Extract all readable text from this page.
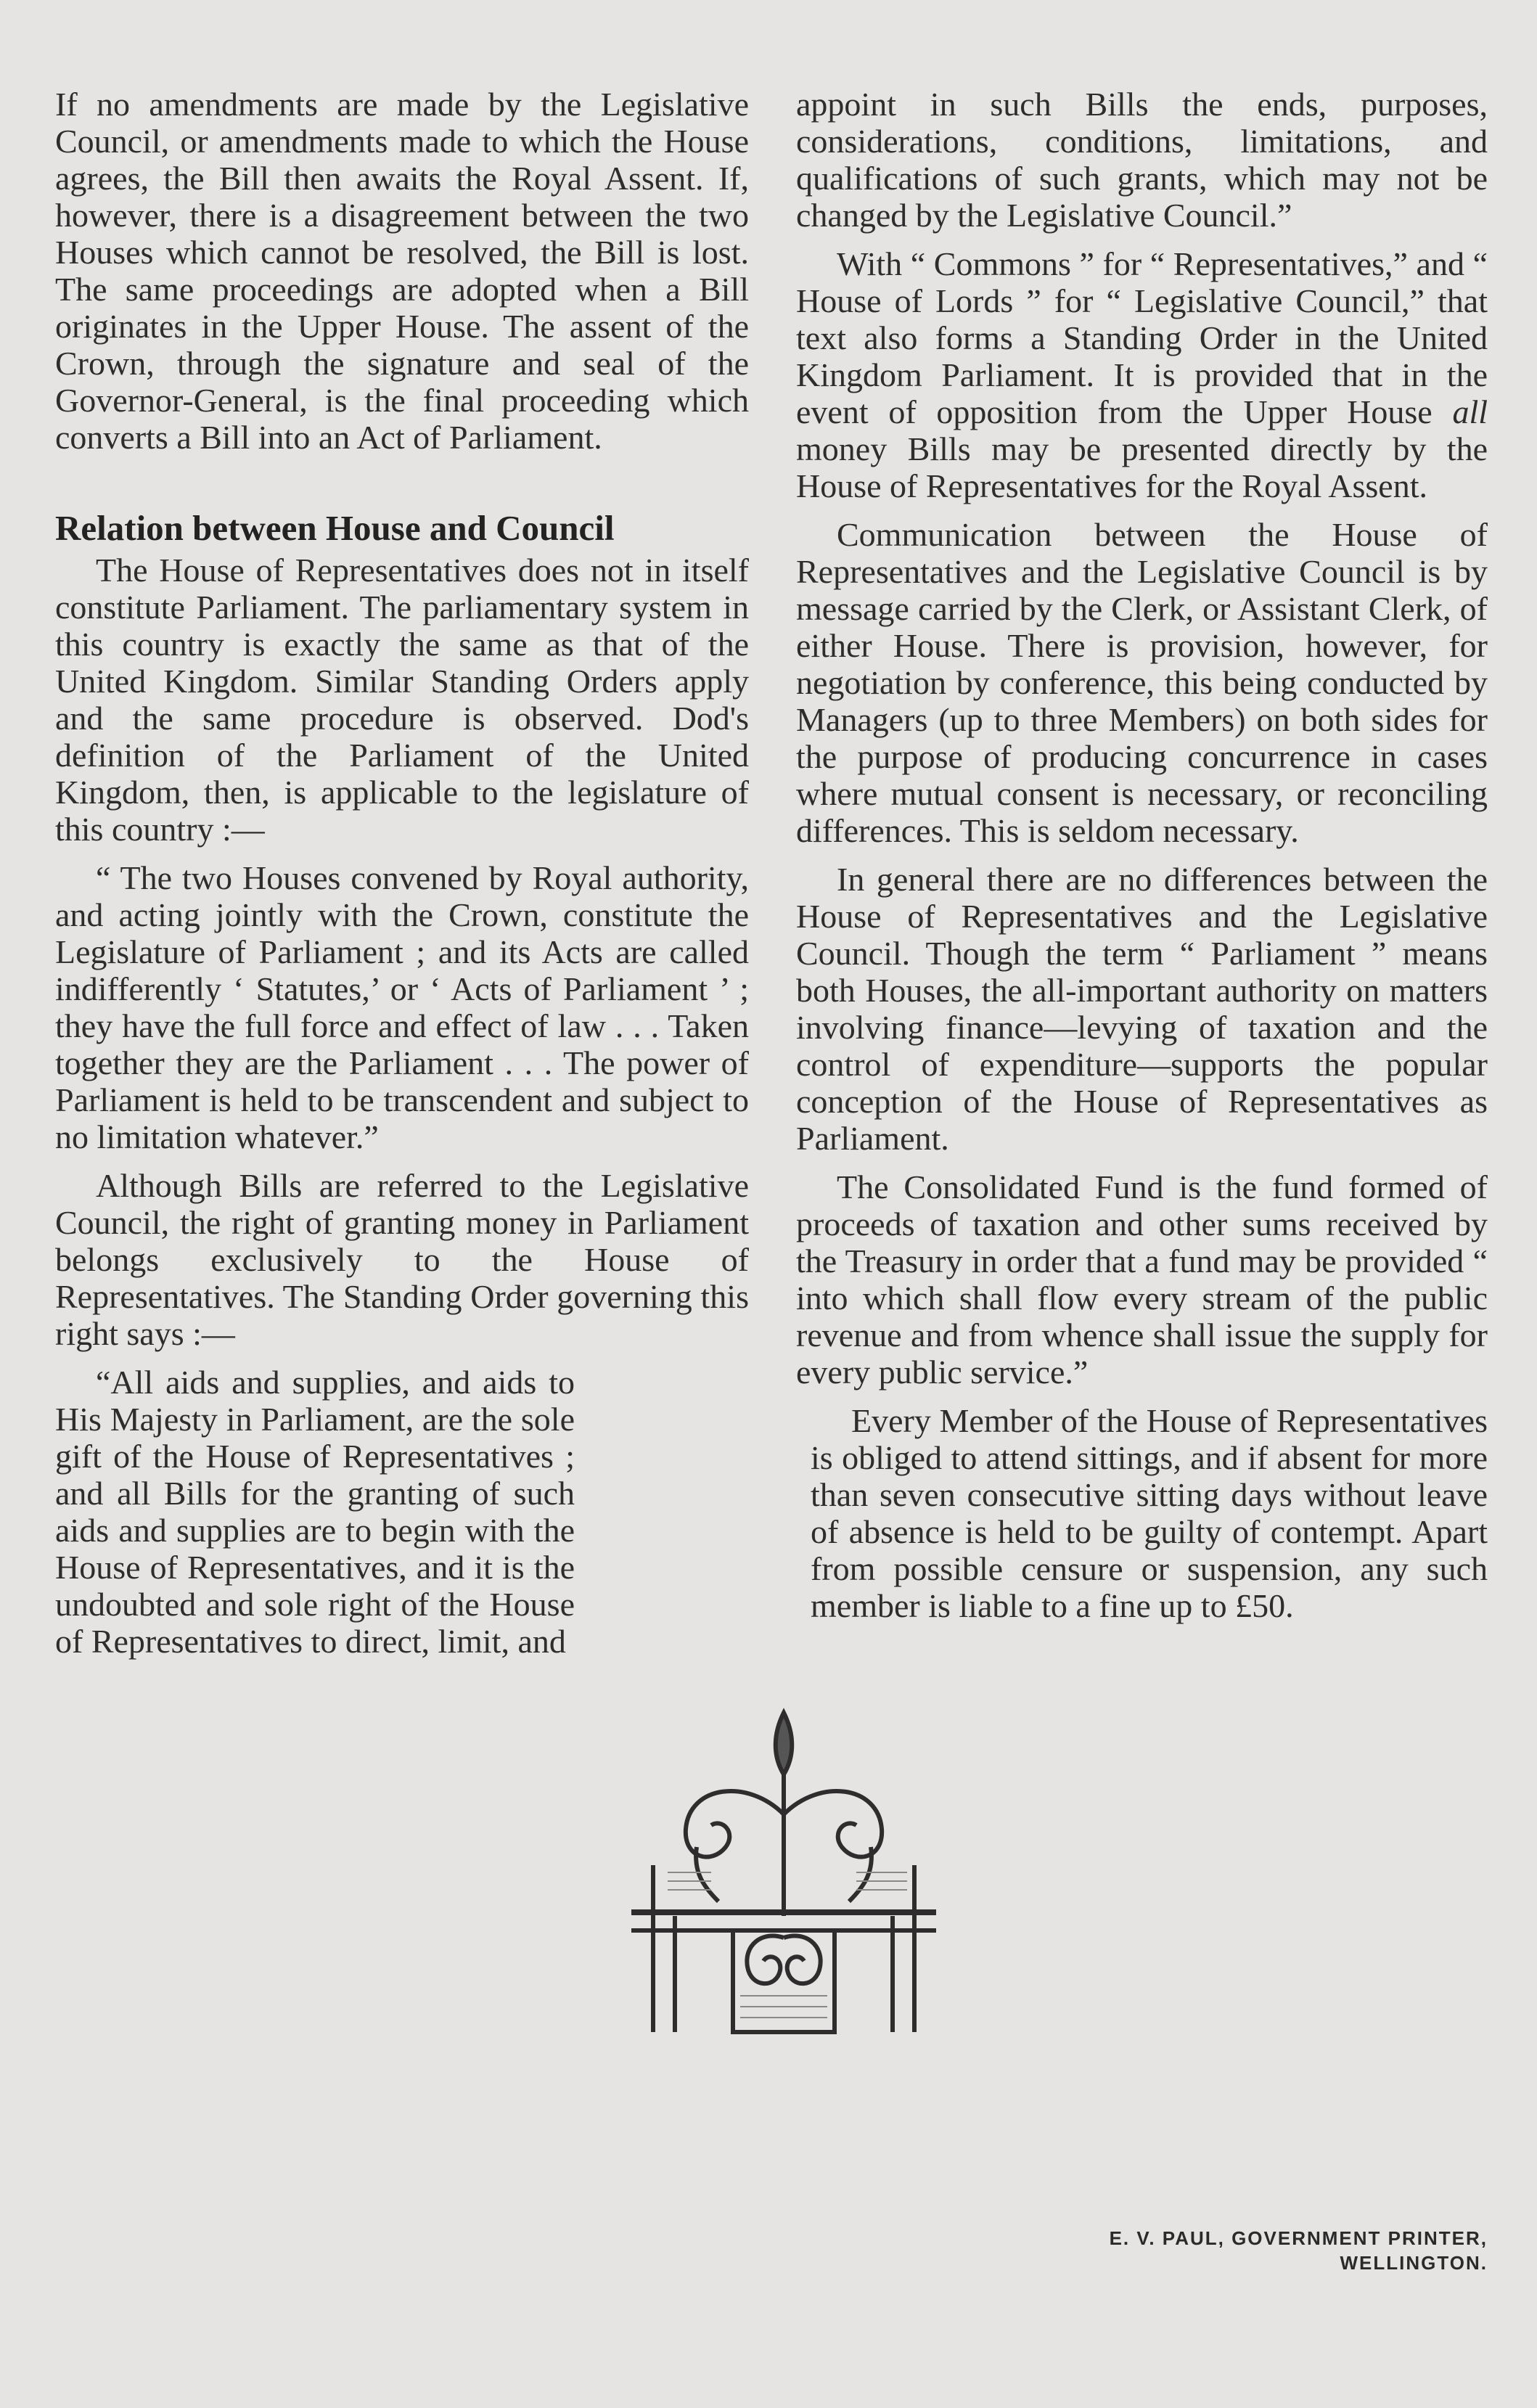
If no amendments are made by the Legislative Council, or amendments made to which the House agrees, the Bill then awaits the Royal Assent. If, however, there is a disagreement between the two Houses which cannot be resolved, the Bill is lost. The same proceedings are adopted when a Bill originates in the Upper House. The assent of the Crown, through the signature and seal of the Governor-General, is the final proceeding which converts a Bill into an Act of Parliament.

Relation between House and Council

The House of Representatives does not in itself constitute Parliament. The parliamentary system in this country is exactly the same as that of the United Kingdom. Similar Standing Orders apply and the same procedure is observed. Dod's definition of the Parliament of the United Kingdom, then, is applicable to the legislature of this country :—

“ The two Houses convened by Royal authority, and acting jointly with the Crown, constitute the Legislature of Parliament ; and its Acts are called indifferently ‘ Statutes,’ or ‘ Acts of Parliament ’ ; they have the full force and effect of law . . . Taken together they are the Parliament . . . The power of Parliament is held to be transcendent and subject to no limitation whatever.”

Although Bills are referred to the Legislative Council, the right of granting money in Parliament belongs exclusively to the House of Representatives. The Standing Order governing this right says :—

“All aids and supplies, and aids to His Majesty in Parliament, are the sole gift of the House of Representatives ; and all Bills for the granting of such aids and supplies are to begin with the House of Representatives, and it is the undoubted and sole right of the House of Representatives to direct, limit, and

appoint in such Bills the ends, purposes, considerations, conditions, limitations, and qualifications of such grants, which may not be changed by the Legislative Council.”

With “ Commons ” for “ Representatives,” and “ House of Lords ” for “ Legislative Council,” that text also forms a Standing Order in the United Kingdom Parliament. It is provided that in the event of opposition from the Upper House all money Bills may be presented directly by the House of Representatives for the Royal Assent.

Communication between the House of Representatives and the Legislative Council is by message carried by the Clerk, or Assistant Clerk, of either House. There is provision, however, for negotiation by conference, this being conducted by Managers (up to three Members) on both sides for the purpose of producing concurrence in cases where mutual consent is necessary, or reconciling differences. This is seldom necessary.

In general there are no differences between the House of Representatives and the Legislative Council. Though the term “ Parliament ” means both Houses, the all-important authority on matters involving finance—levying of taxation and the control of expenditure—supports the popular conception of the House of Representatives as Parliament.

The Consolidated Fund is the fund formed of proceeds of taxation and other sums received by the Treasury in order that a fund may be provided “ into which shall flow every stream of the public revenue and from whence shall issue the supply for every public service.”

Every Member of the House of Representatives is obliged to attend sittings, and if absent for more than seven consecutive sitting days without leave of absence is held to be guilty of contempt. Apart from possible censure or suspension, any such member is liable to a fine up to £50.

E. V. PAUL, GOVERNMENT PRINTER,
WELLINGTON.
